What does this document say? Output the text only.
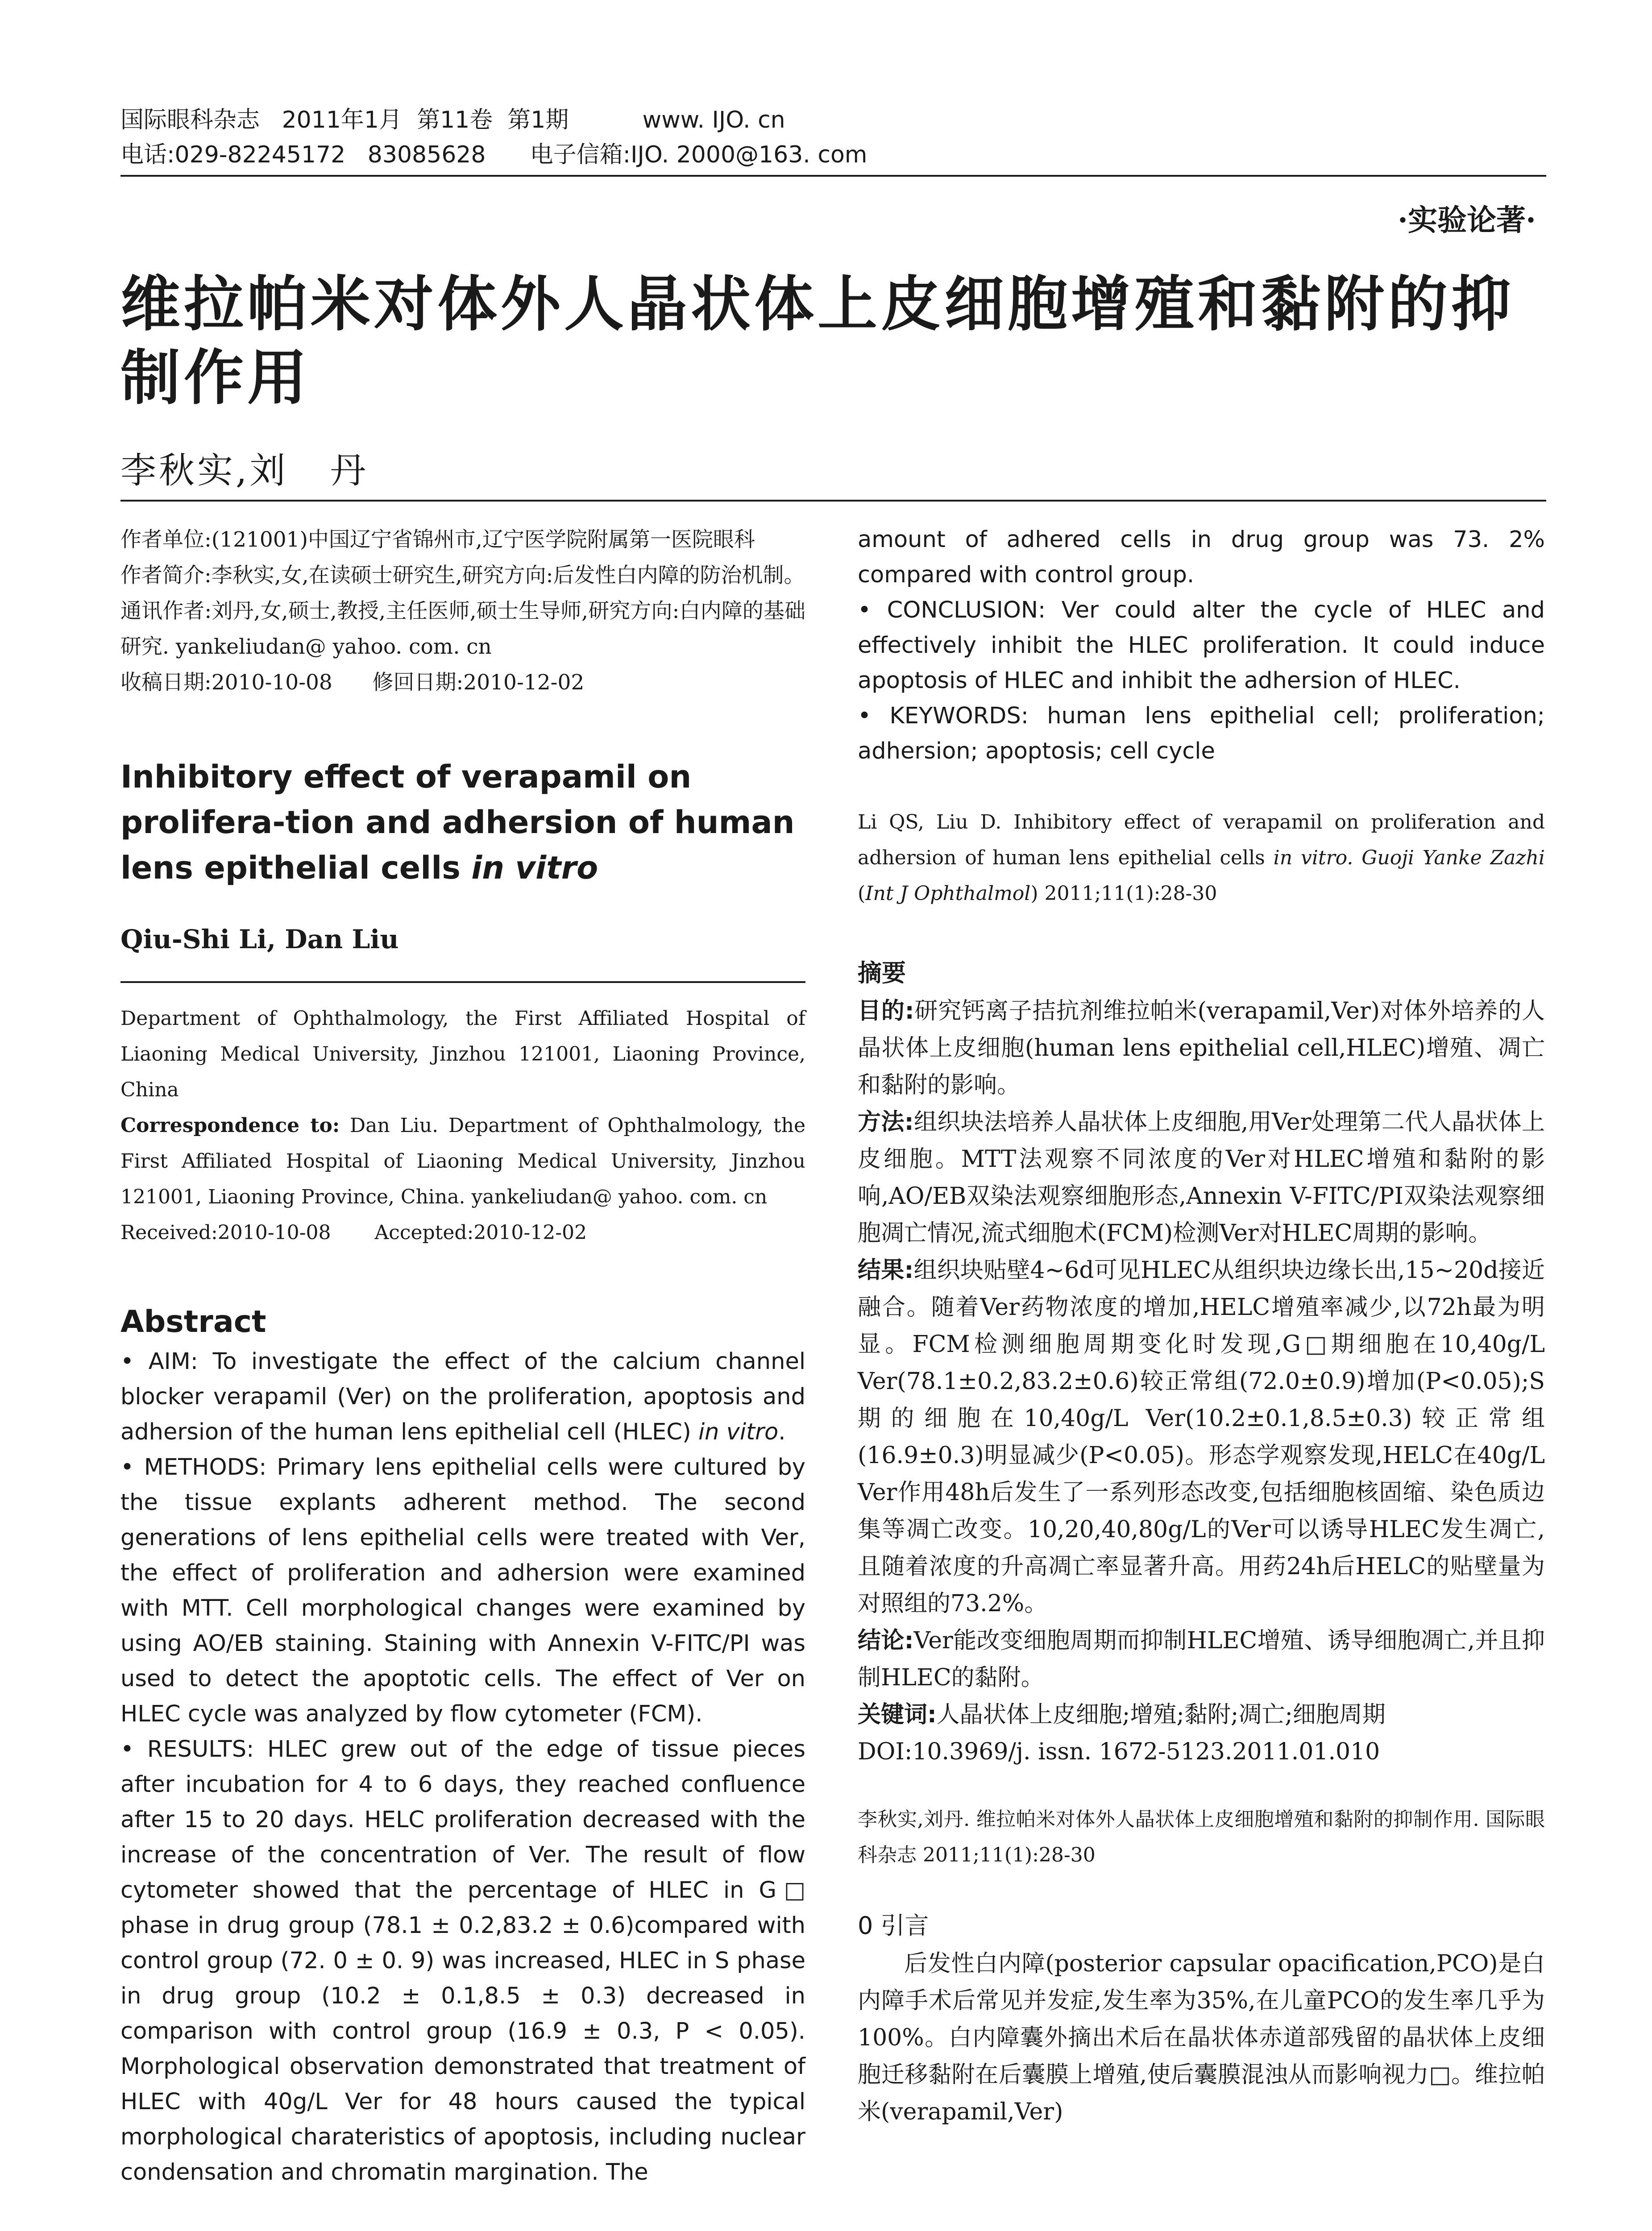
国际眼科杂志   2011年1月  第11卷  第1期          www. IJO. cn
电话:029-82245172   83085628      电子信箱:IJO. 2000@163. com
·实验论著·
维拉帕米对体外人晶状体上皮细胞增殖和黏附的抑制作用
李秋实,刘   丹

作者单位:(121001)中国辽宁省锦州市,辽宁医学院附属第一医院眼科

作者简介:李秋实,女,在读硕士研究生,研究方向:后发性白内障的防治机制。

通讯作者:刘丹,女,硕士,教授,主任医师,硕士生导师,研究方向:白内障的基础研究. yankeliudan@ yahoo. com. cn

收稿日期:2010-10-08      修回日期:2010-12-02

Inhibitory effect of verapamil on prolifera-tion and adhersion of human lens epithelial cells in vitro
Qiu-Shi Li, Dan Liu

Department of Ophthalmology, the First Affiliated Hospital of Liaoning Medical University, Jinzhou 121001, Liaoning Province, China

Correspondence to: Dan Liu. Department of Ophthalmology, the First Affiliated Hospital of Liaoning Medical University, Jinzhou 121001, Liaoning Province, China. yankeliudan@ yahoo. com. cn

Received:2010-10-08       Accepted:2010-12-02

Abstract

• AIM: To investigate the effect of the calcium channel blocker verapamil (Ver) on the proliferation, apoptosis and adhersion of the human lens epithelial cell (HLEC) in vitro.

• METHODS: Primary lens epithelial cells were cultured by the tissue explants adherent method. The second generations of lens epithelial cells were treated with Ver, the effect of proliferation and adhersion were examined with MTT. Cell morphological changes were examined by using AO/EB staining. Staining with Annexin V-FITC/PI was used to detect the apoptotic cells. The effect of Ver on HLEC cycle was analyzed by flow cytometer (FCM).

• RESULTS: HLEC grew out of the edge of tissue pieces after incubation for 4 to 6 days, they reached confluence after 15 to 20 days. HELC proliferation decreased with the increase of the concentration of Ver. The result of flow cytometer showed that the percentage of HLEC in G□ phase in drug group (78.1 ± 0.2,83.2 ± 0.6)compared with control group (72. 0 ± 0. 9) was increased, HLEC in S phase in drug group (10.2 ± 0.1,8.5 ± 0.3) decreased in comparison with control group (16.9 ± 0.3, P < 0.05). Morphological observation demonstrated that treatment of HLEC with 40g/L Ver for 48 hours caused the typical morphological charateristics of apoptosis, including nuclear condensation and chromatin margination. The

amount of adhered cells in drug group was 73. 2% compared with control group.

• CONCLUSION: Ver could alter the cycle of HLEC and effectively inhibit the HLEC proliferation. It could induce apoptosis of HLEC and inhibit the adhersion of HLEC.

• KEYWORDS: human lens epithelial cell; proliferation; adhersion; apoptosis; cell cycle

Li QS, Liu D. Inhibitory effect of verapamil on proliferation and adhersion of human lens epithelial cells in vitro. Guoji Yanke Zazhi (Int J Ophthalmol) 2011;11(1):28-30

摘要

目的:研究钙离子拮抗剂维拉帕米(verapamil,Ver)对体外培养的人晶状体上皮细胞(human lens epithelial cell,HLEC)增殖、凋亡和黏附的影响。

方法:组织块法培养人晶状体上皮细胞,用Ver处理第二代人晶状体上皮细胞。MTT法观察不同浓度的Ver对HLEC增殖和黏附的影响,AO/EB双染法观察细胞形态,Annexin V-FITC/PI双染法观察细胞凋亡情况,流式细胞术(FCM)检测Ver对HLEC周期的影响。

结果:组织块贴壁4~6d可见HLEC从组织块边缘长出,15~20d接近融合。随着Ver药物浓度的增加,HELC增殖率减少,以72h最为明显。FCM检测细胞周期变化时发现,G□期细胞在10,40g/L Ver(78.1±0.2,83.2±0.6)较正常组(72.0±0.9)增加(P<0.05);S期的细胞在10,40g/L Ver(10.2±0.1,8.5±0.3)较正常组(16.9±0.3)明显减少(P<0.05)。形态学观察发现,HELC在40g/L Ver作用48h后发生了一系列形态改变,包括细胞核固缩、染色质边集等凋亡改变。10,20,40,80g/L的Ver可以诱导HLEC发生凋亡,且随着浓度的升高凋亡率显著升高。用药24h后HELC的贴壁量为对照组的73.2%。

结论:Ver能改变细胞周期而抑制HLEC增殖、诱导细胞凋亡,并且抑制HLEC的黏附。

关键词:人晶状体上皮细胞;增殖;黏附;凋亡;细胞周期

DOI:10.3969/j. issn. 1672-5123.2011.01.010

李秋实,刘丹. 维拉帕米对体外人晶状体上皮细胞增殖和黏附的抑制作用. 国际眼科杂志 2011;11(1):28-30

0 引言

后发性白内障(posterior capsular opacification,PCO)是白内障手术后常见并发症,发生率为35%,在儿童PCO的发生率几乎为100%。白内障囊外摘出术后在晶状体赤道部残留的晶状体上皮细胞迁移黏附在后囊膜上增殖,使后囊膜混浊从而影响视力□。维拉帕米(verapamil,Ver)
